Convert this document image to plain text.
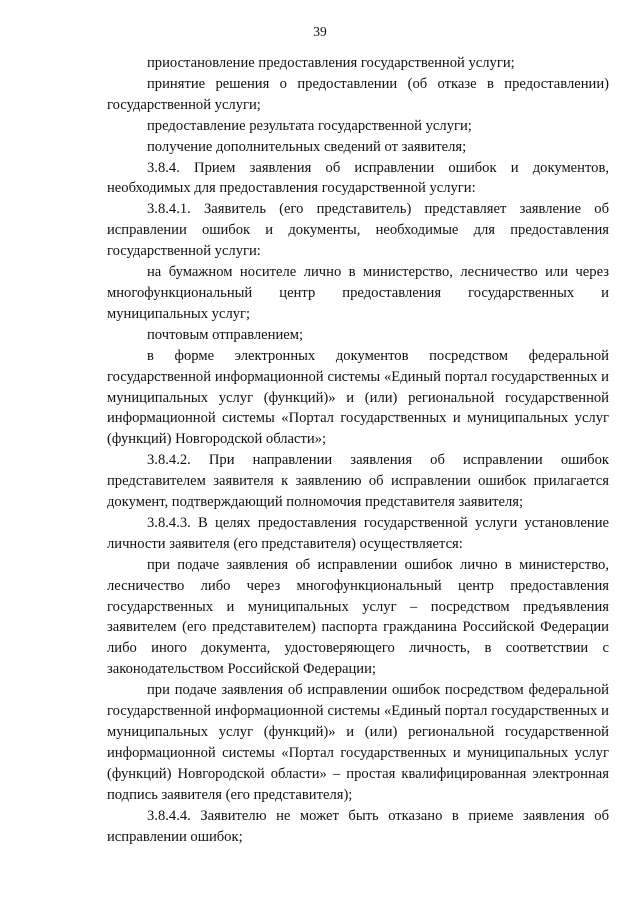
39

приостановление предоставления государственной услуги;

принятие решения о предоставлении (об отказе в предоставлении) государственной услуги;

предоставление результата государственной услуги;

получение дополнительных сведений от заявителя;

3.8.4. Прием заявления об исправлении ошибок и документов, необходимых для предоставления государственной услуги:

3.8.4.1. Заявитель (его представитель) представляет заявление об исправлении ошибок и документы, необходимые для предоставления государственной услуги:

на бумажном носителе лично в министерство, лесничество или через многофункциональный центр предоставления государственных и муниципальных услуг;

почтовым отправлением;

в форме электронных документов посредством федеральной государственной информационной системы «Единый портал государственных и муниципальных услуг (функций)» и (или) региональной государственной информационной системы «Портал государственных и муниципальных услуг (функций) Новгородской области»;

3.8.4.2. При направлении заявления об исправлении ошибок представителем заявителя к заявлению об исправлении ошибок прилагается документ, подтверждающий полномочия представителя заявителя;

3.8.4.3. В целях предоставления государственной услуги установление личности заявителя (его представителя) осуществляется:

при подаче заявления об исправлении ошибок лично в министерство, лесничество либо через многофункциональный центр предоставления государственных и муниципальных услуг – посредством предъявления заявителем (его представителем) паспорта гражданина Российской Федерации либо иного документа, удостоверяющего личность, в соответствии с законодательством Российской Федерации;

при подаче заявления об исправлении ошибок посредством федеральной государственной информационной системы «Единый портал государственных и муниципальных услуг (функций)» и (или) региональной государственной информационной системы «Портал государственных и муниципальных услуг (функций) Новгородской области» – простая квалифицированная электронная подпись заявителя (его представителя);

3.8.4.4. Заявителю не может быть отказано в приеме заявления об исправлении ошибок;
